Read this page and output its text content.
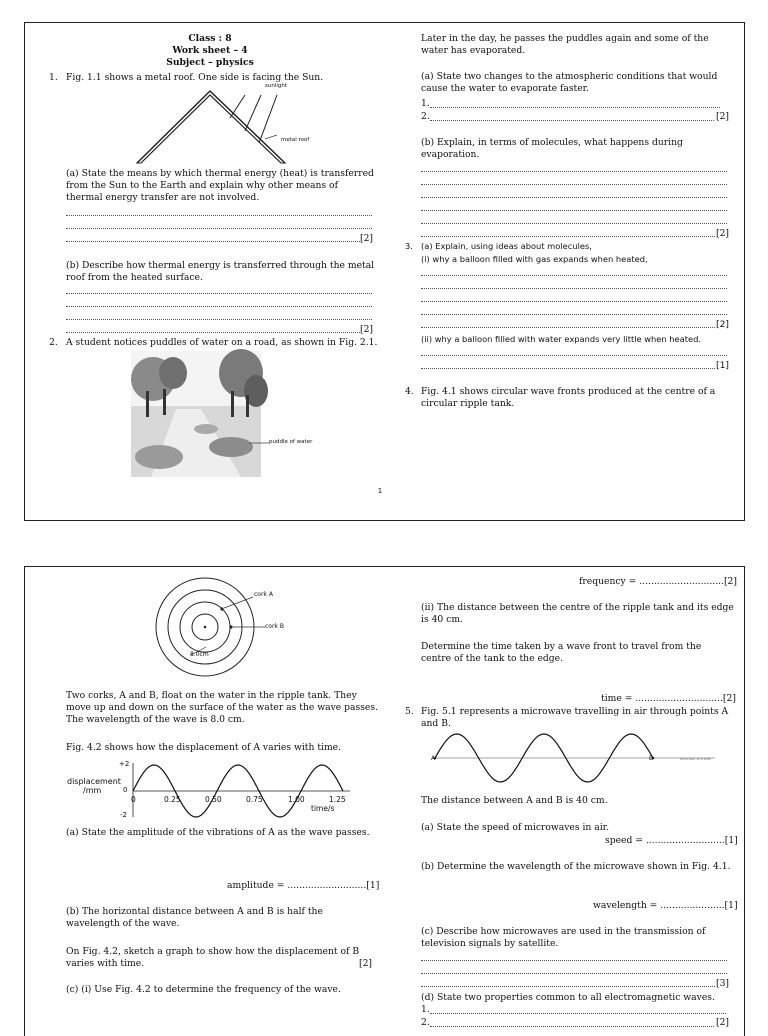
Class : 8
Work sheet – 4
Subject – physics
1. Fig. 1.1 shows a metal roof. One side is facing the Sun.
sunlight
metal roof
(a) State the means by which thermal energy (heat) is transferred
from the Sun to the Earth and explain why other means of
thermal energy transfer are not involved.
[2]
(b) Describe how thermal energy is transferred through the metal
roof from the heated surface.
[2]
2. A student notices puddles of water on a road, as shown in Fig. 2.1.
puddle of water
Later in the day, he passes the puddles again and some of the
water has evaporated.
(a) State two changes to the atmospheric conditions that would
cause the water to evaporate faster.
1.
2.	[2]
(b) Explain, in terms of molecules, what happens during
evaporation.
[2]
3. (a) Explain, using ideas about molecules,
(i) why a balloon filled with gas expands when heated,
[2]
(ii) why a balloon filled with water expands very little when heated.
[1]
4. Fig. 4.1 shows circular wave fronts produced at the centre of a
circular ripple tank.
1
cork A
cork B
8.0cm
Two corks, A and B, float on the water in the ripple tank. They
move up and down on the surface of the water as the wave passes.
The wavelength of the wave is 8.0 cm.
Fig. 4.2 shows how the displacement of A varies with time.
displacement
/mm
+2
0
-2
0	0.25	0.50	0.75	1.00	1.25
time/s
(a) State the amplitude of the vibrations of A as the wave passes.
amplitude = ...........................[1]
(b) The horizontal distance between A and B is half the
wavelength of the wave.
On Fig. 4.2, sketch a graph to show how the displacement of B
varies with time.	[2]
(c) (i) Use Fig. 4.2 to determine the frequency of the wave.
frequency = .............................[2]
(ii) The distance between the centre of the ripple tank and its edge
is 40 cm.
Determine the time taken by a wave front to travel from the
centre of the tank to the edge.
time = ..............................[2]
5. Fig. 5.1 represents a microwave travelling in air through points A
and B.
A	B	direction of travel
The distance between A and B is 40 cm.
(a) State the speed of microwaves in air.
speed = ...........................[1]
(b) Determine the wavelength of the microwave shown in Fig. 4.1.
wavelength = ......................[1]
(c) Describe how microwaves are used in the transmission of
television signals by satellite.
[3]
(d) State two properties common to all electromagnetic waves.
1.
2.	[2]
